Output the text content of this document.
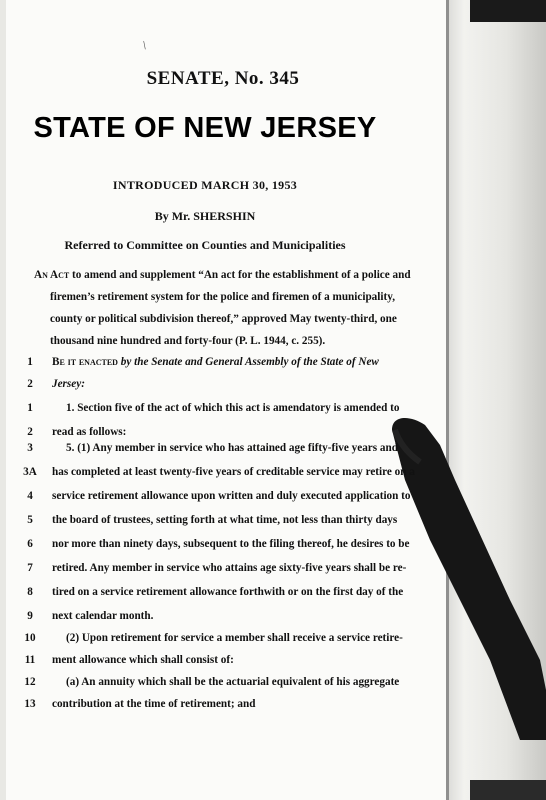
/
SENATE, No. 345
STATE OF NEW JERSEY
INTRODUCED MARCH 30, 1953
By Mr. SHERSHIN
Referred to Committee on Counties and Municipalities
An Act to amend and supplement “An act for the establishment of a police and
firemen’s retirement system for the police and firemen of a municipality,
county or political subdivision thereof,” approved May twenty-third, one
thousand nine hundred and forty-four (P. L. 1944, c. 255).
1	Be it enacted by the Senate and General Assembly of the State of New
2	Jersey:
1	1. Section five of the act of which this act is amendatory is amended to
2	read as follows:
3	5. (1) Any member in service who has attained age fifty-five years and
3A	has completed at least twenty-five years of creditable service may retire on a
4	service retirement allowance upon written and duly executed application to
5	the board of trustees, setting forth at what time, not less than thirty days
6	nor more than ninety days, subsequent to the filing thereof, he desires to be
7	retired. Any member in service who attains age sixty-five years shall be re-
8	tired on a service retirement allowance forthwith or on the first day of the
9	next calendar month.
10	(2) Upon retirement for service a member shall receive a service retire-
11	ment allowance which shall consist of:
12	(a) An annuity which shall be the actuarial equivalent of his aggregate
13	contribution at the time of retirement; and
